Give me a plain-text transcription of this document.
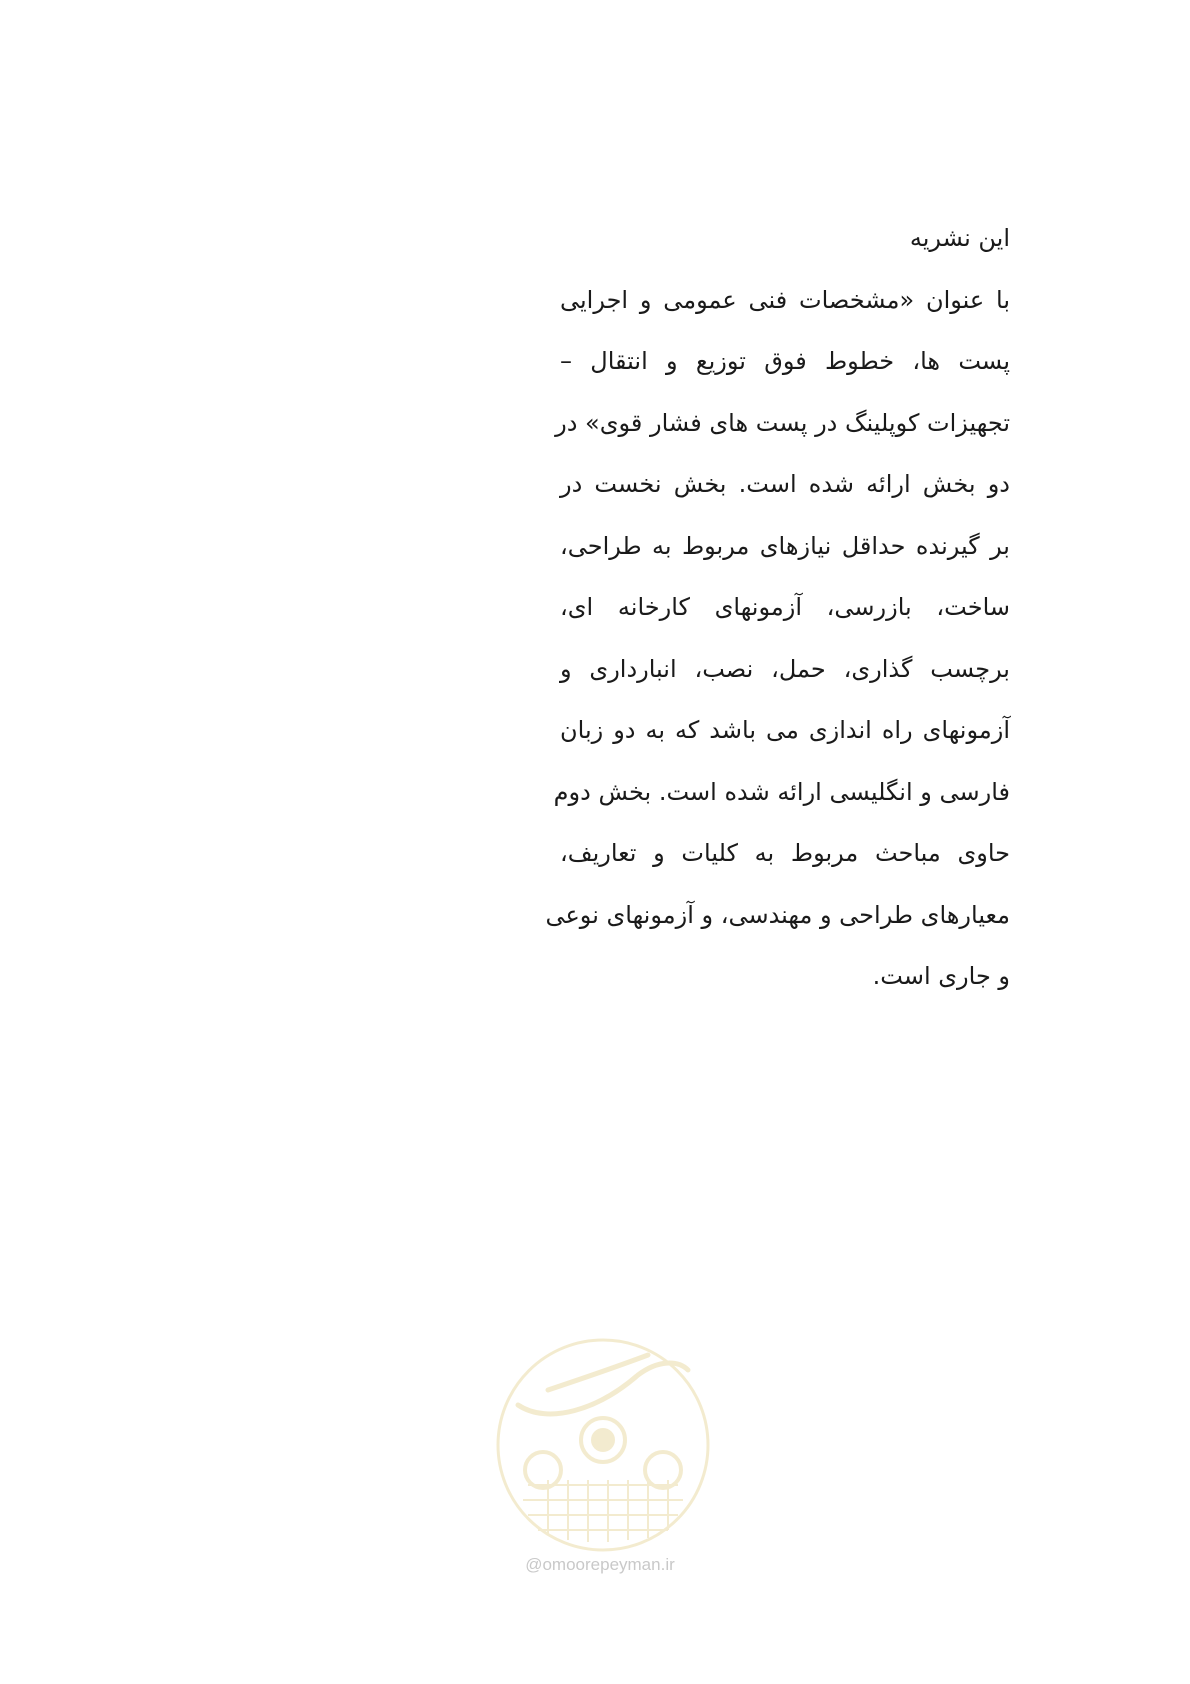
این نشریه
با عنوان «مشخصات فنی عمومی و اجرایی
پست ها، خطوط فوق توزیع و انتقال –
تجهیزات کوپلینگ در پست های فشار قوی» در
دو بخش ارائه شده است. بخش نخست در
بر گیرنده حداقل نیازهای مربوط به طراحی،
ساخت، بازرسی، آزمونهای کارخانه ای،
برچسب گذاری، حمل، نصب، انبارداری و
آزمونهای راه اندازی می باشد که به دو زبان
فارسی و انگلیسی ارائه شده است. بخش دوم
حاوی مباحث مربوط به کلیات و تعاریف،
معیارهای طراحی و مهندسی، و آزمونهای نوعی
و جاری است.
@omoorepeyman.ir
